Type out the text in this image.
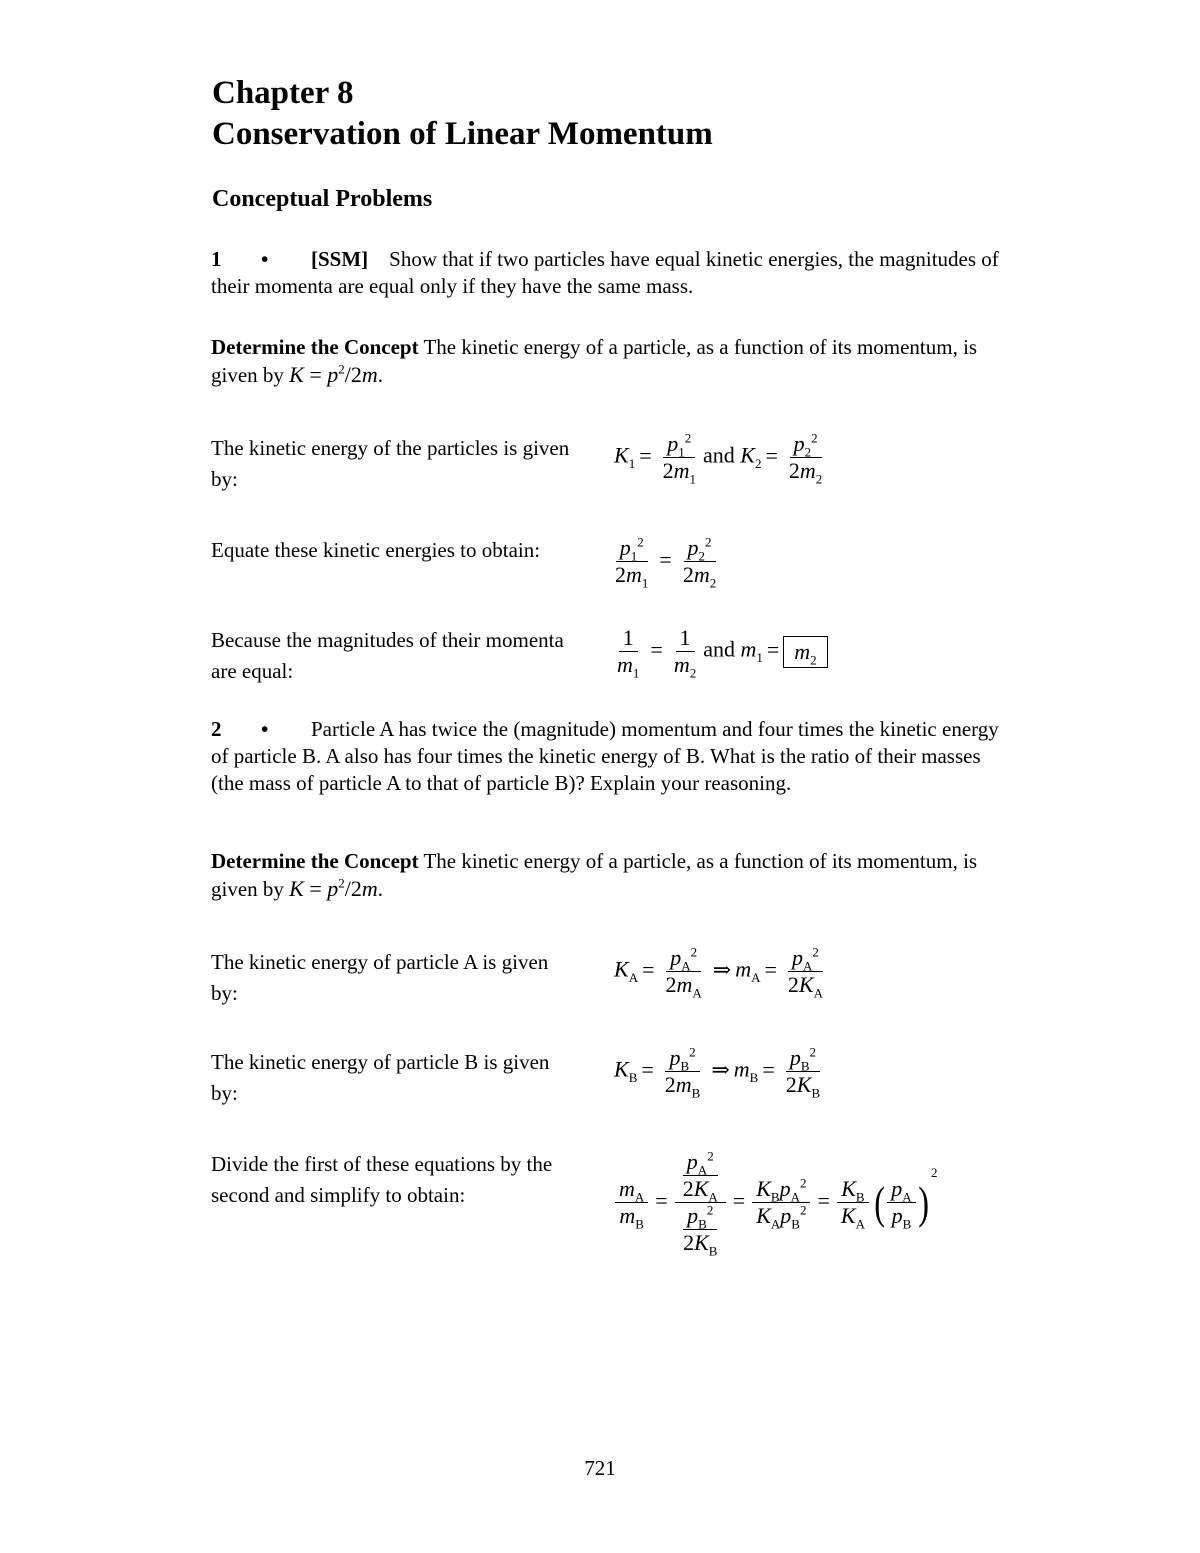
Chapter 8
Conservation of Linear Momentum
Conceptual Problems
1 • [SSM] Show that if two particles have equal kinetic energies, the magnitudes of their momenta are equal only if they have the same mass.
Determine the Concept The kinetic energy of a particle, as a function of its momentum, is given by $K = p^2/2m$.
The kinetic energy of the particles is given by:
$K_1 = \frac{p_1^2}{2m_1}$ and $K_2 = \frac{p_2^2}{2m_2}$
Equate these kinetic energies to obtain:	$\frac{p_1^2}{2m_1} = \frac{p_2^2}{2m_2}$
Because the magnitudes of their momenta are equal:	$\frac{1}{m_1} = \frac{1}{m_2}$ and $m_1 = m_2$
2 • Particle A has twice the (magnitude) momentum and four times the kinetic energy of particle B. A also has four times the kinetic energy of B. What is the ratio of their masses (the mass of particle A to that of particle B)? Explain your reasoning.
Determine the Concept The kinetic energy of a particle, as a function of its momentum, is given by $K = p^2/2m$.
The kinetic energy of particle A is given by:
$K_A = \frac{p_A^2}{2m_A}$ ⇒ $m_A = \frac{p_A^2}{2K_A}$
The kinetic energy of particle B is given by:
$K_B = \frac{p_B^2}{2m_B}$ ⇒ $m_B = \frac{p_B^2}{2K_B}$
Divide the first of these equations by the second and simplify to obtain:	$\frac{m_A}{m_B} = \frac{\frac{p_A^2}{2K_A}}{\frac{p_B^2}{2K_B}} = \frac{K_Bp_A^2}{K_Ap_B^2} = \frac{K_B}{K_A}$ ( $\frac{p_A}{p_B} )^2$
721
